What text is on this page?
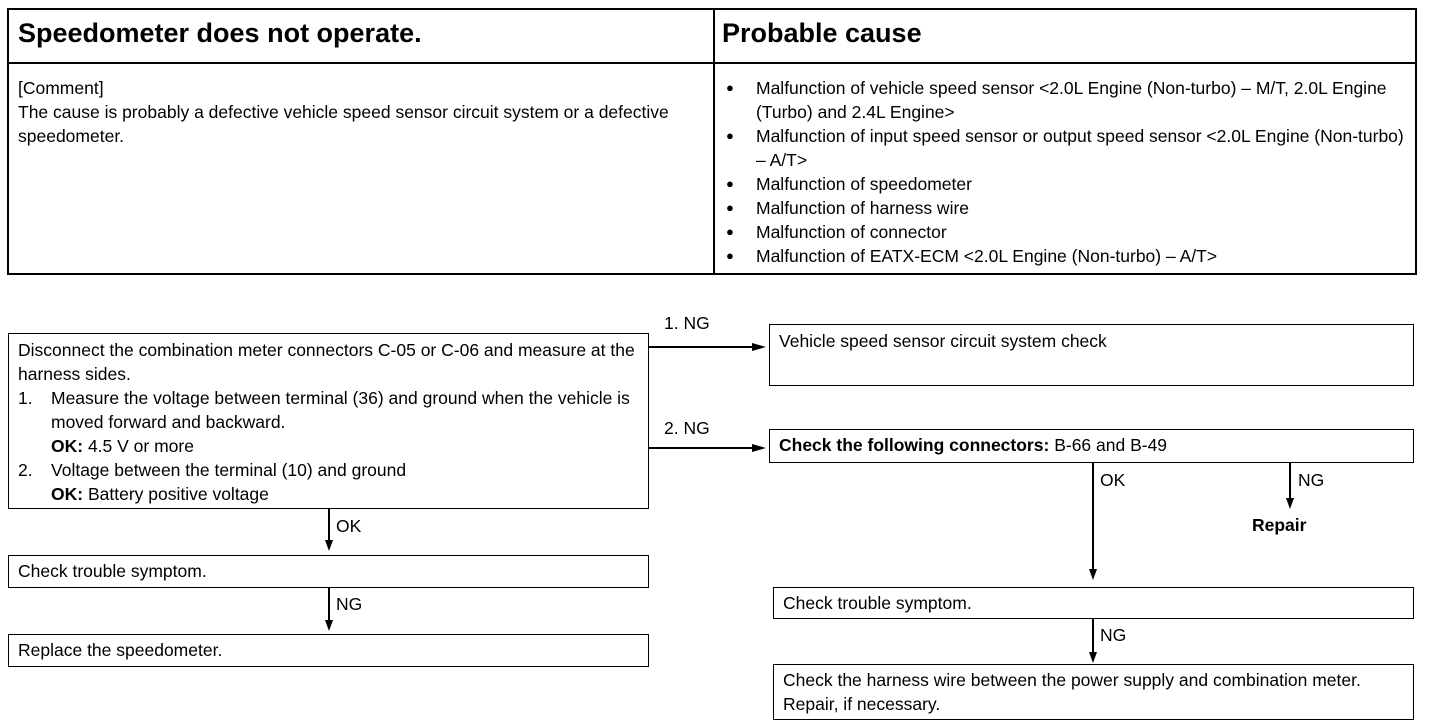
Speedometer does not operate.	Probable cause
[Comment]
The cause is probably a defective vehicle speed sensor circuit system or a defective speedometer.
● Malfunction of vehicle speed sensor <2.0L Engine (Non-turbo) – M/T, 2.0L Engine (Turbo) and 2.4L Engine>
● Malfunction of input speed sensor or output speed sensor <2.0L Engine (Non-turbo) – A/T>
● Malfunction of speedometer
● Malfunction of harness wire
● Malfunction of connector
● Malfunction of EATX-ECM <2.0L Engine (Non-turbo) – A/T>
Disconnect the combination meter connectors C-05 or C-06 and measure at the harness sides.
1. Measure the voltage between terminal (36) and ground when the vehicle is moved forward and backward.
OK: 4.5 V or more
2. Voltage between the terminal (10) and ground
OK: Battery positive voltage
1. NG
2. NG
Vehicle speed sensor circuit system check
Check the following connectors: B-66 and B-49
OK
Check trouble symptom.
NG
Replace the speedometer.
OK	NG
Repair
Check trouble symptom.
NG
Check the harness wire between the power supply and combination meter. Repair, if necessary.
